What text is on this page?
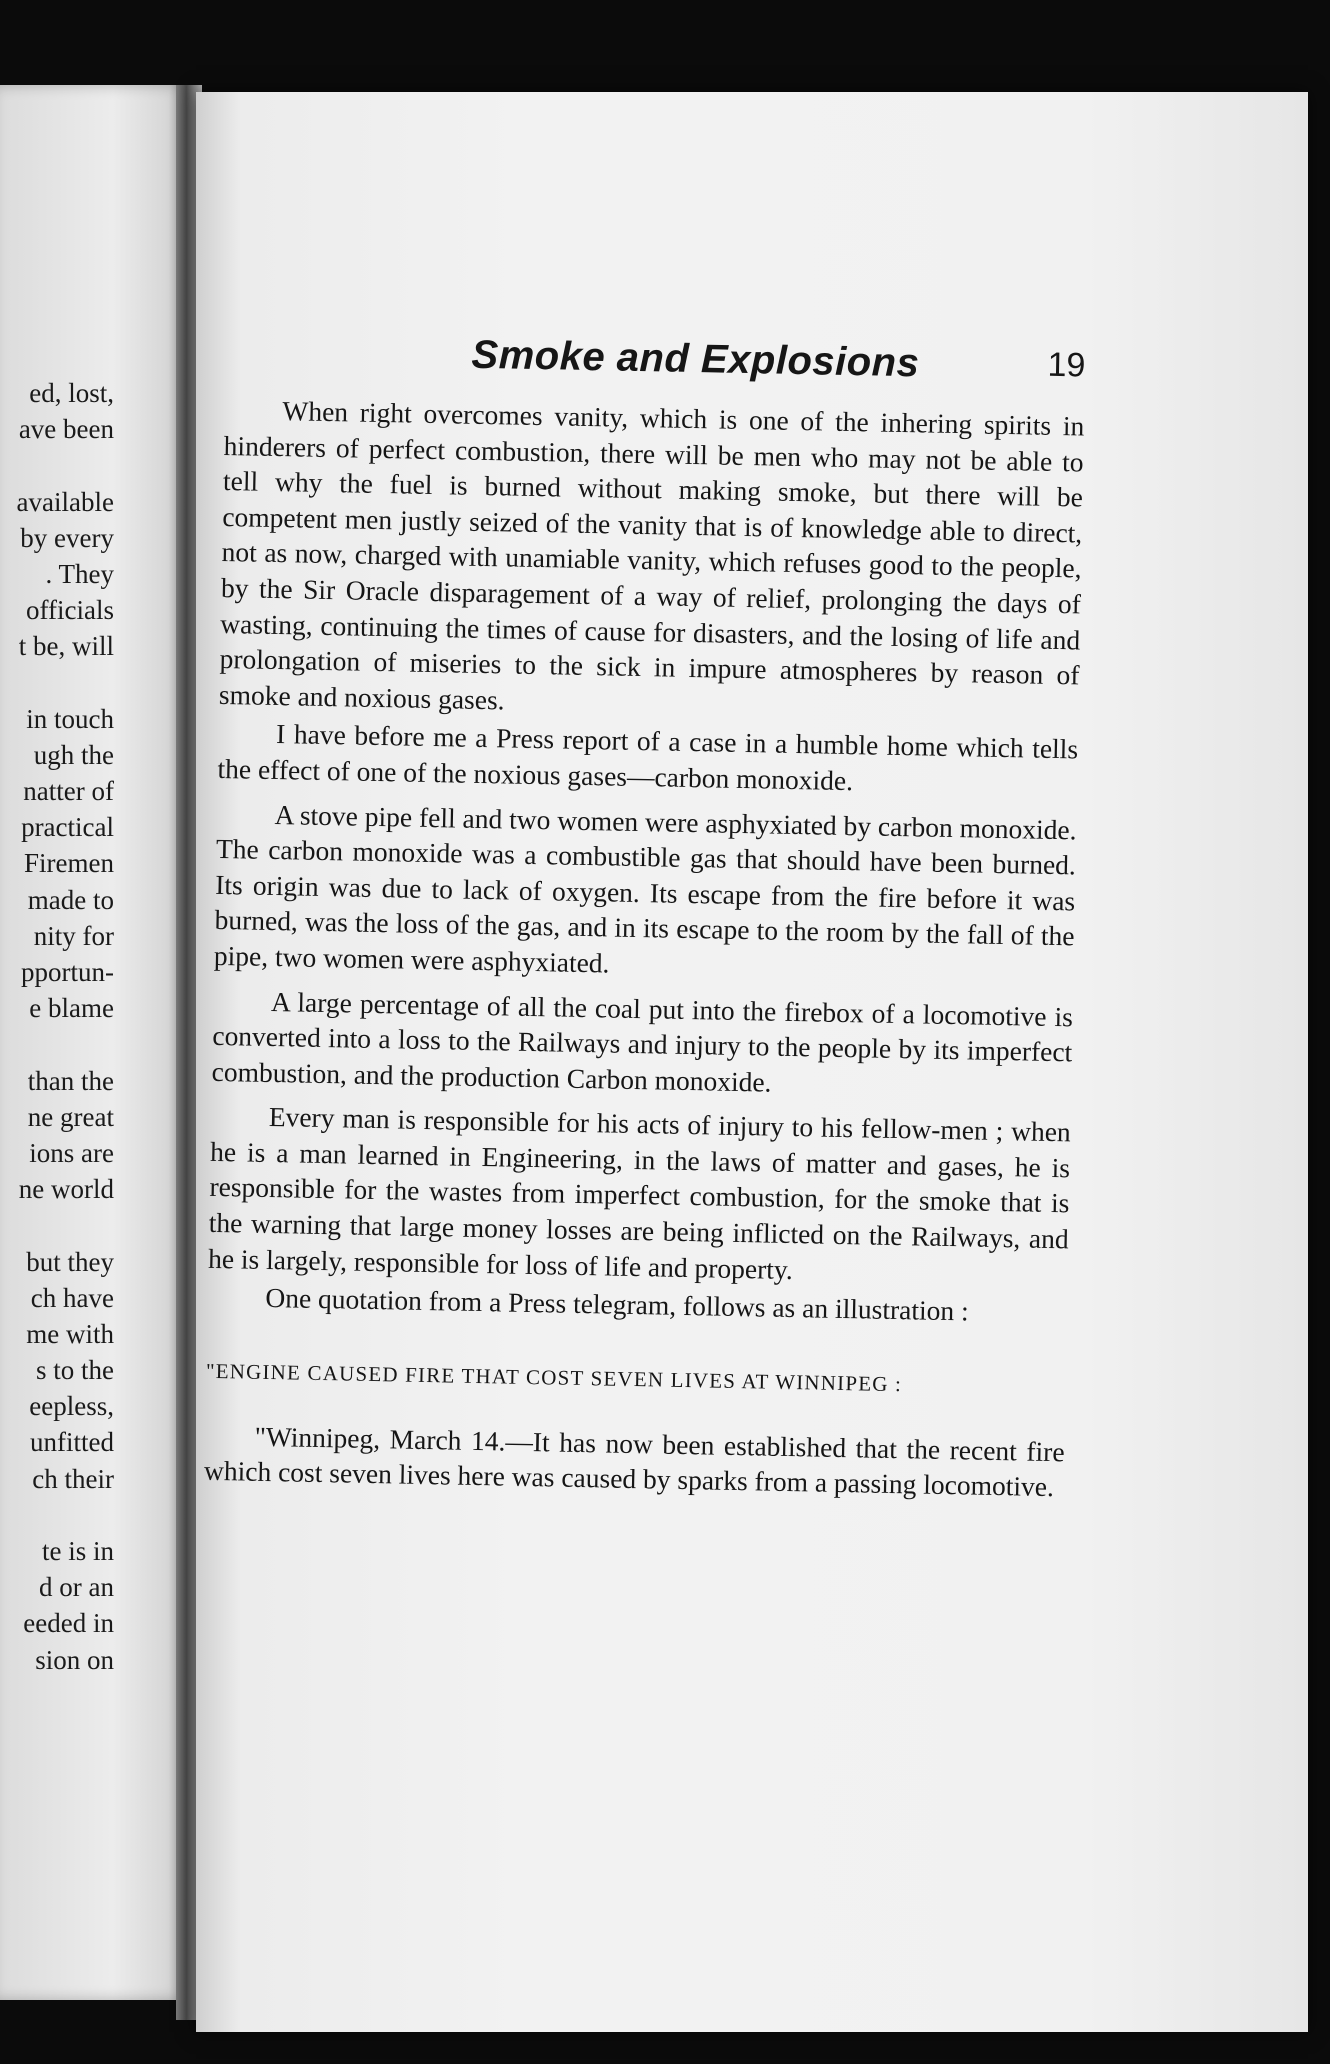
ed, lost,
ave been
available
by every
. They
officials
t be, will
in touch
ugh the
natter of
practical
Firemen
made to
nity for
pportun-
e blame
than the
ne great
ions are
ne world
but they
ch have
me with
s to the
eepless,
unfitted
ch their
te is in
d or an
eeded in
sion on
Smoke and Explosions	19

When right overcomes vanity, which is one of the inhering spirits in hinderers of perfect combustion, there will be men who may not be able to tell why the fuel is burned without making smoke, but there will be competent men justly seized of the vanity that is of knowledge able to direct, not as now, charged with unamiable vanity, which refuses good to the people, by the Sir Oracle disparagement of a way of relief, prolonging the days of wasting, continuing the times of cause for disasters, and the losing of life and prolongation of miseries to the sick in impure atmospheres by reason of smoke and noxious gases.

I have before me a Press report of a case in a humble home which tells the effect of one of the noxious gases—carbon monoxide.

A stove pipe fell and two women were asphyxiated by carbon monoxide. The carbon monoxide was a combustible gas that should have been burned. Its origin was due to lack of oxygen. Its escape from the fire before it was burned, was the loss of the gas, and in its escape to the room by the fall of the pipe, two women were asphyxiated.

A large percentage of all the coal put into the firebox of a locomotive is converted into a loss to the Railways and injury to the people by its imperfect combustion, and the production Carbon monoxide.

Every man is responsible for his acts of injury to his fellow-men ; when he is a man learned in Engineering, in the laws of matter and gases, he is responsible for the wastes from imperfect combustion, for the smoke that is the warning that large money losses are being inflicted on the Railways, and he is largely, responsible for loss of life and property.

One quotation from a Press telegram, follows as an illustration :

"ENGINE CAUSED FIRE THAT COST SEVEN LIVES AT WINNIPEG :

"Winnipeg, March 14.—It has now been established that the recent fire which cost seven lives here was caused by sparks from a passing locomotive.
